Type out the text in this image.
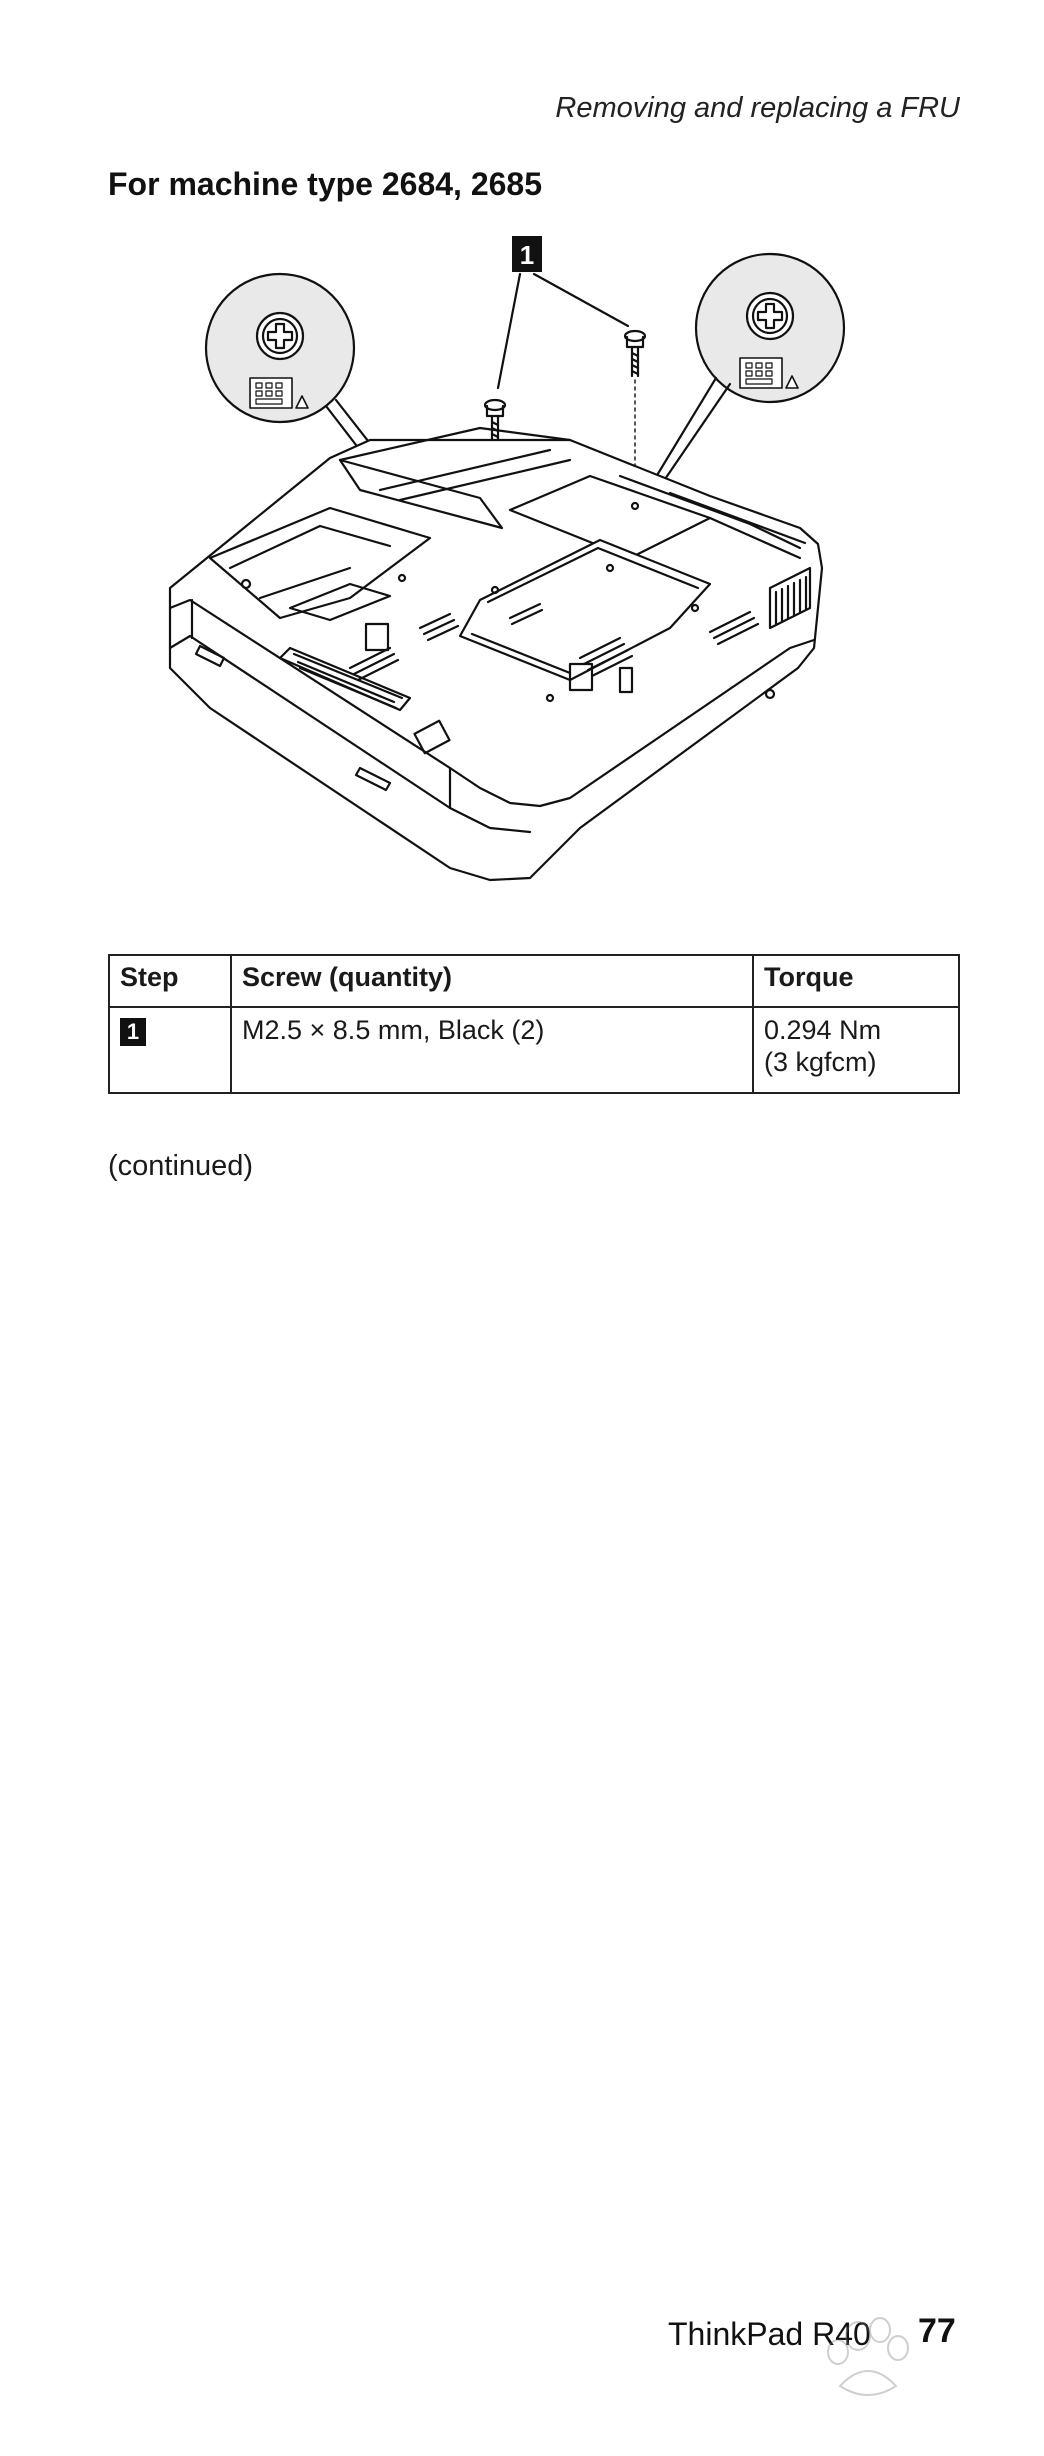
Removing and replacing a FRU
For machine type 2684, 2685
1
Step	Screw (quantity)	Torque
1	M2.5 × 8.5 mm, Black (2)	0.294 Nm
(3 kgfcm)
(continued)
ThinkPad R40 77
